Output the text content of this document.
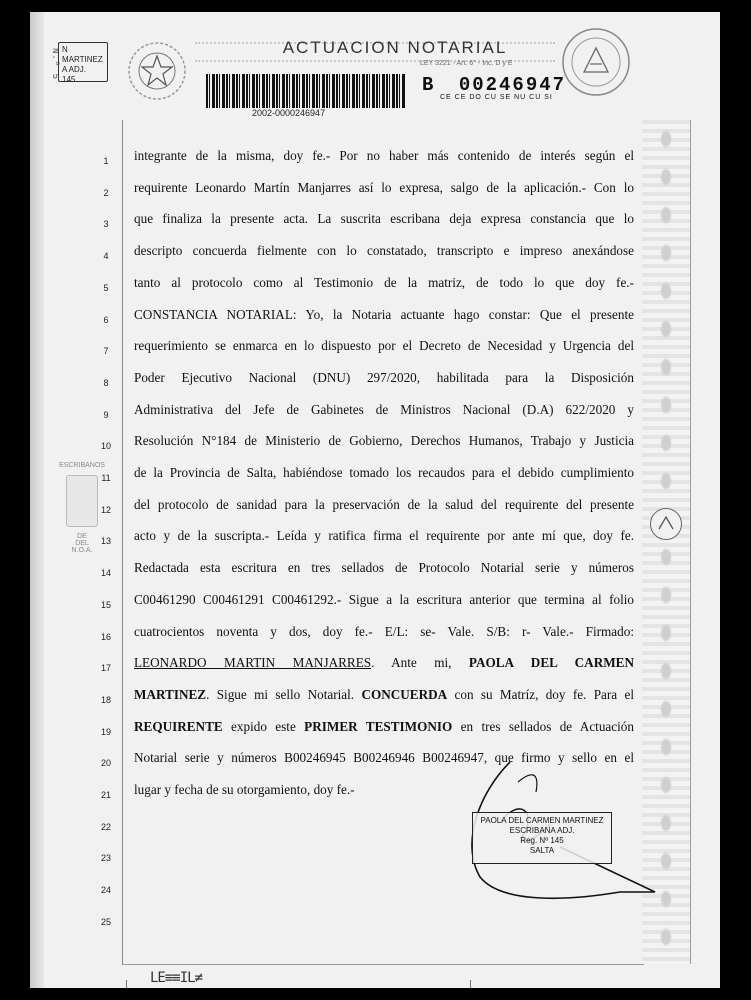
N.º 5 N MARTINEZ
A ADJ.
145
ACTUACION NOTARIAL
LEY 3221 - Art. 6° - Inc. D y E
B 00246947
CE CE DO CU SE NU CU SI
2002-0000246947
ESCRIBANOS
DE
DEL
N.O.A.
1	integrante de la misma, doy fe.- Por no haber más contenido de interés según el
2	requirente Leonardo Martín Manjarres así lo expresa, salgo de la aplicación.- Con lo
3	que finaliza la presente acta. La suscrita escribana deja expresa constancia que lo
4	descripto concuerda fielmente con lo constatado, transcripto e impreso anexándose
5	tanto al protocolo como al Testimonio de la matriz, de todo lo que doy fe.-
6	CONSTANCIA NOTARIAL: Yo, la Notaria actuante hago constar: Que el presente
7	requerimiento se enmarca en lo dispuesto por el Decreto de Necesidad y Urgencia del
8	Poder Ejecutivo Nacional (DNU) 297/2020, habilitada para la Disposición
9	Administrativa del Jefe de Gabinetes de Ministros Nacional (D.A) 622/2020 y
10	Resolución N°184 de Ministerio de Gobierno, Derechos Humanos, Trabajo y Justicia
11	de la Provincia de Salta, habiéndose tomado los recaudos para el debido cumplimiento
12	del protocolo de sanidad para la preservación de la salud del requirente del presente
13	acto y de la suscripta.- Leída y ratifica firma el requirente por ante mí que, doy fe.
14	Redactada esta escritura en tres sellados de Protocolo Notarial serie y números
15	C00461290 C00461291 C00461292.- Sigue a la escritura anterior que termina al folio
16	cuatrocientos noventa y dos, doy fe.- E/L: se- Vale. S/B: r- Vale.- Firmado:
17	LEONARDO MARTIN MANJARRES. Ante mi, PAOLA DEL CARMEN
18	MARTINEZ. Sigue mi sello Notarial. CONCUERDA con su Matríz, doy fe. Para el
19	REQUIRENTE expido este PRIMER TESTIMONIO en tres sellados de Actuación
20	Notarial serie y números B00246945 B00246946 B00246947, que firmo y sello en el
21	lugar y fecha de su otorgamiento, doy fe.-
22
23
24
25
PAOLA DEL CARMEN MARTINEZ
ESCRIBANA ADJ.
Reg. Nº 145
SALTA
LE≡≡IL≠
